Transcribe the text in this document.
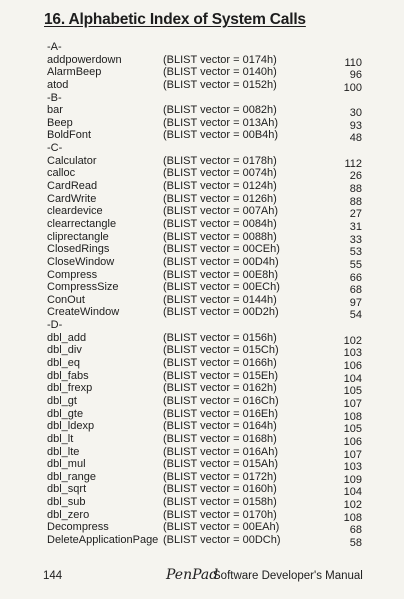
16. Alphabetic Index of System Calls
-A-
addpowerdown	(BLIST vector = 0174h)	110
AlarmBeep	(BLIST vector = 0140h)	96
atod	(BLIST vector = 0152h)	100
-B-
bar	(BLIST vector = 0082h)	30
Beep	(BLIST vector = 013Ah)	93
BoldFont	(BLIST vector = 00B4h)	48
-C-
Calculator	(BLIST vector = 0178h)	112
calloc	(BLIST vector = 0074h)	26
CardRead	(BLIST vector = 0124h)	88
CardWrite	(BLIST vector = 0126h)	88
cleardevice	(BLIST vector = 007Ah)	27
clearrectangle	(BLIST vector = 0084h)	31
cliprectangle	(BLIST vector = 0088h)	33
ClosedRings	(BLIST vector = 00CEh)	53
CloseWindow	(BLIST vector = 00D4h)	55
Compress	(BLIST vector = 00E8h)	66
CompressSize	(BLIST vector = 00ECh)	68
ConOut	(BLIST vector = 0144h)	97
CreateWindow	(BLIST vector = 00D2h)	54
-D-
dbl_add	(BLIST vector = 0156h)	102
dbl_div	(BLIST vector = 015Ch)	103
dbl_eq	(BLIST vector = 0166h)	106
dbl_fabs	(BLIST vector = 015Eh)	104
dbl_frexp	(BLIST vector = 0162h)	105
dbl_gt	(BLIST vector = 016Ch)	107
dbl_gte	(BLIST vector = 016Eh)	108
dbl_ldexp	(BLIST vector = 0164h)	105
dbl_lt	(BLIST vector = 0168h)	106
dbl_lte	(BLIST vector = 016Ah)	107
dbl_mul	(BLIST vector = 015Ah)	103
dbl_range	(BLIST vector = 0172h)	109
dbl_sqrt	(BLIST vector = 0160h)	104
dbl_sub	(BLIST vector = 0158h)	102
dbl_zero	(BLIST vector = 0170h)	108
Decompress	(BLIST vector = 00EAh)	68
DeleteApplicationPage (BLIST vector = 00DCh)	58
144	PenPad
Software Developer's Manual
